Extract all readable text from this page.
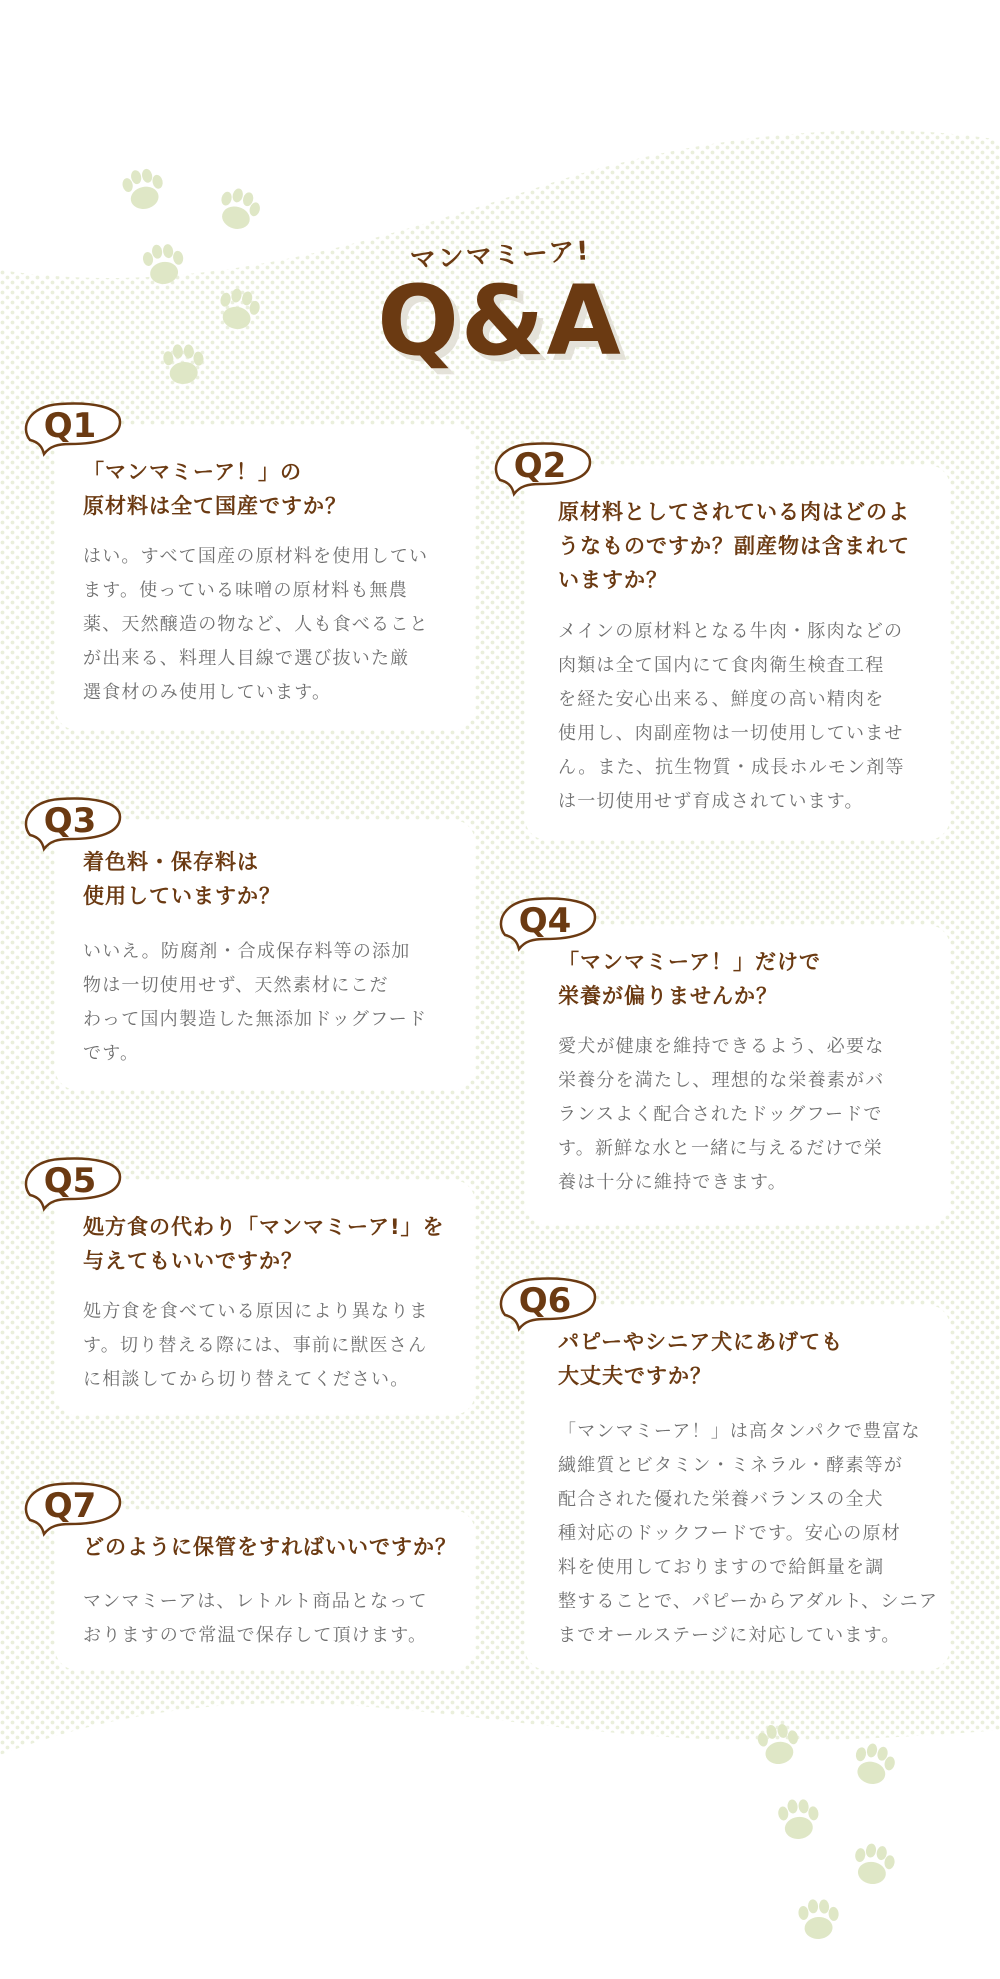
マンマミーア!
Q&A
Q1
「マンマミーア！」の
原材料は全て国産ですか？
はい。すべて国産の原材料を使用してい
ます。使っている味噌の原材料も無農
薬、天然醸造の物など、人も食べること
が出来る、料理人目線で選び抜いた厳
選食材のみ使用しています。
Q2
原材料としてされている肉はどのよ
うなものですか？副産物は含まれて
いますか？
メインの原材料となる牛肉・豚肉などの
肉類は全て国内にて食肉衛生検査工程
を経た安心出来る、鮮度の高い精肉を
使用し、肉副産物は一切使用していませ
ん。また、抗生物質・成長ホルモン剤等
は一切使用せず育成されています。
Q3
着色料・保存料は
使用していますか？
いいえ。防腐剤・合成保存料等の添加
物は一切使用せず、天然素材にこだ
わって国内製造した無添加ドッグフード
です。
Q4
「マンマミーア！」だけで
栄養が偏りませんか？
愛犬が健康を維持できるよう、必要な
栄養分を満たし、理想的な栄養素がバ
ランスよく配合されたドッグフードで
す。新鮮な水と一緒に与えるだけで栄
養は十分に維持できます。
Q5
処方食の代わり「マンマミーア!」を
与えてもいいですか？
処方食を食べている原因により異なりま
す。切り替える際には、事前に獣医さん
に相談してから切り替えてください。
Q6
パピーやシニア犬にあげても
大丈夫ですか？
「マンマミーア！」は高タンパクで豊富な
繊維質とビタミン・ミネラル・酵素等が
配合された優れた栄養バランスの全犬
種対応のドックフードです。安心の原材
料を使用しておりますので給餌量を調
整することで、パピーからアダルト、シニア
までオールステージに対応しています。
Q7
どのように保管をすればいいですか？
マンマミーアは、レトルト商品となって
おりますので常温で保存して頂けます。
